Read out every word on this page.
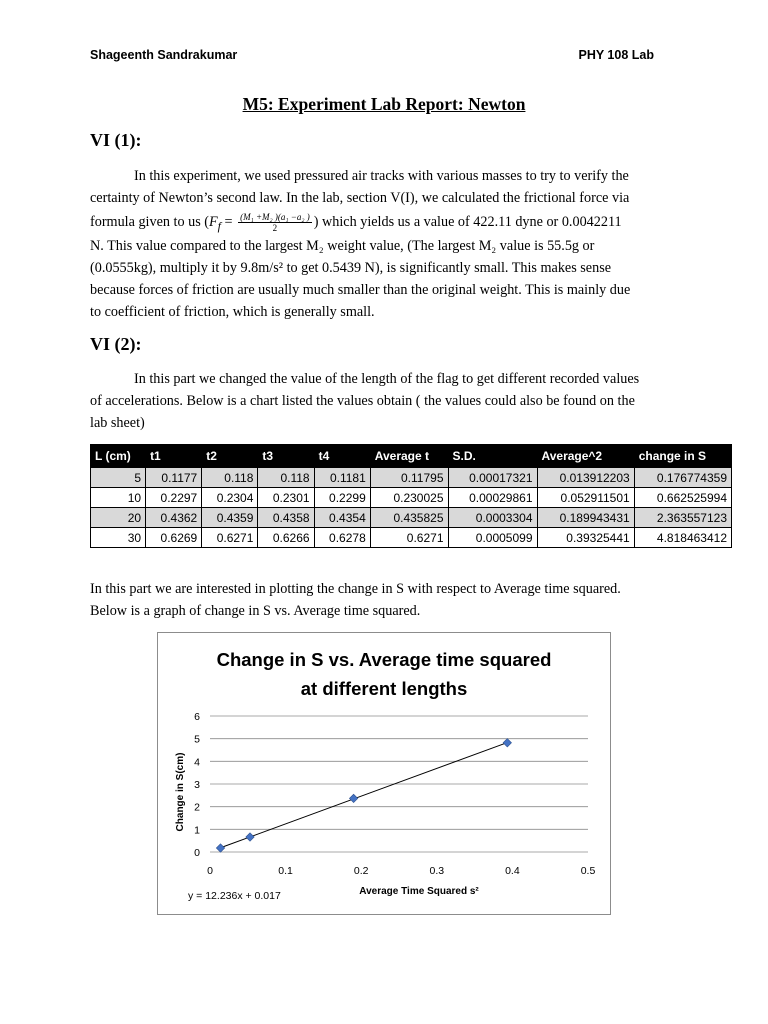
Shageenth Sandrakumar	PHY 108 Lab
M5: Experiment Lab Report: Newton
VI (1):
In this experiment, we used pressured air tracks with various masses to try to verify the
certainty of Newton’s second law. In the lab, section V(I), we calculated the frictional force via
formula given to us ($F_f = \frac{\text{(M₁ +M₂ )(a₁ −a₂ )}}{2}$ ) which yields us a value of 422.11 dyne or 0.0042211
N. This value compared to the largest M₂ weight value, (The largest M₂ value is 55.5g or
(0.0555kg), multiply it by 9.8m/s² to get 0.5439 N), is significantly small. This makes sense
because forces of friction are usually much smaller than the original weight. This is mainly due
to coefficient of friction, which is generally small.
VI (2):
In this part we changed the value of the length of the flag to get different recorded values
of accelerations. Below is a chart listed the values obtain ( the values could also be found on the
lab sheet)
L (cm)	t1	t2	t3	t4	Average t	S.D.	Average^2	change in S
5	0.1177	0.118	0.118	0.1181	0.11795	0.00017321	0.013912203	0.176774359
10	0.2297	0.2304	0.2301	0.2299	0.230025	0.00029861	0.052911501	0.662525994
20	0.4362	0.4359	0.4358	0.4354	0.435825	0.0003304	0.189943431	2.363557123
30	0.6269	0.6271	0.6266	0.6278	0.6271	0.0005099	0.39325441	4.818463412
In this part we are interested in plotting the change in S with respect to Average time squared.
Below is a graph of change in S vs. Average time squared.
Change in S vs. Average time squared
at different lengths
0
1
2
3
4
5
6
0	0.1	0.2	0.3	0.4	0.5
Average Time Squared s²
Change in S(cm)
y = 12.236x + 0.017
